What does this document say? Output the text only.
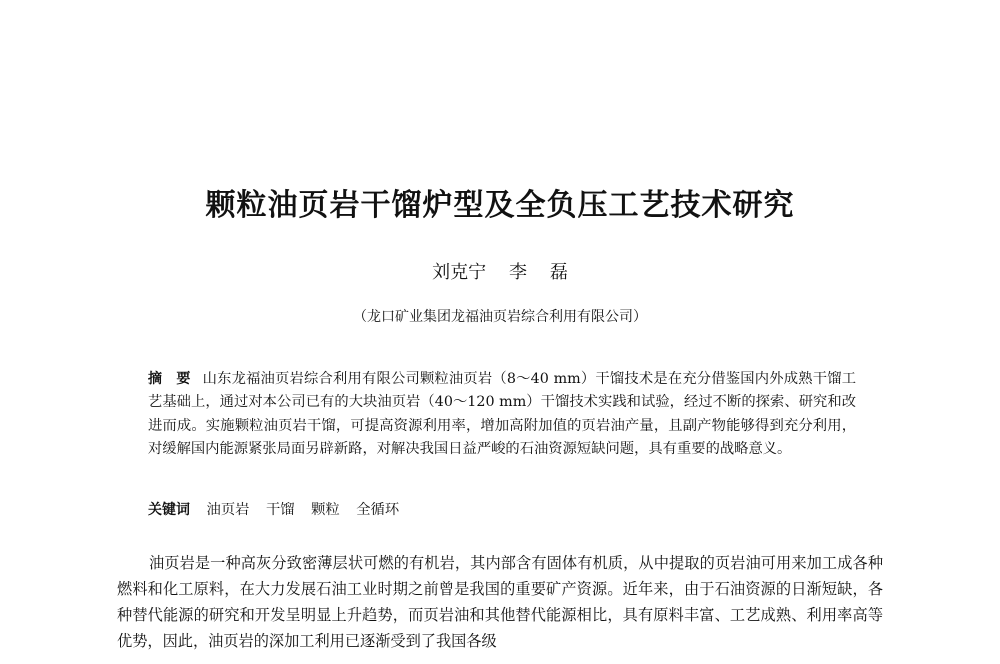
颗粒油页岩干馏炉型及全负压工艺技术研究
刘克宁    李    磊
（龙口矿业集团龙福油页岩综合利用有限公司）
摘　要 山东龙福油页岩综合利用有限公司颗粒油页岩（8～40 mm）干馏技术是在充分借鉴国内外成熟干馏工艺基础上，通过对本公司已有的大块油页岩（40～120 mm）干馏技术实践和试验，经过不断的探索、研究和改进而成。实施颗粒油页岩干馏，可提高资源利用率，增加高附加值的页岩油产量，且副产物能够得到充分利用，对缓解国内能源紧张局面另辟新路，对解决我国日益严峻的石油资源短缺问题，具有重要的战略意义。
关键词 油页岩 干馏 颗粒 全循环
油页岩是一种高灰分致密薄层状可燃的有机岩，其内部含有固体有机质，从中提取的页岩油可用来加工成各种燃料和化工原料，在大力发展石油工业时期之前曾是我国的重要矿产资源。近年来，由于石油资源的日渐短缺，各种替代能源的研究和开发呈明显上升趋势，而页岩油和其他替代能源相比，具有原料丰富、工艺成熟、利用率高等优势，因此，油页岩的深加工利用已逐渐受到了我国各级
